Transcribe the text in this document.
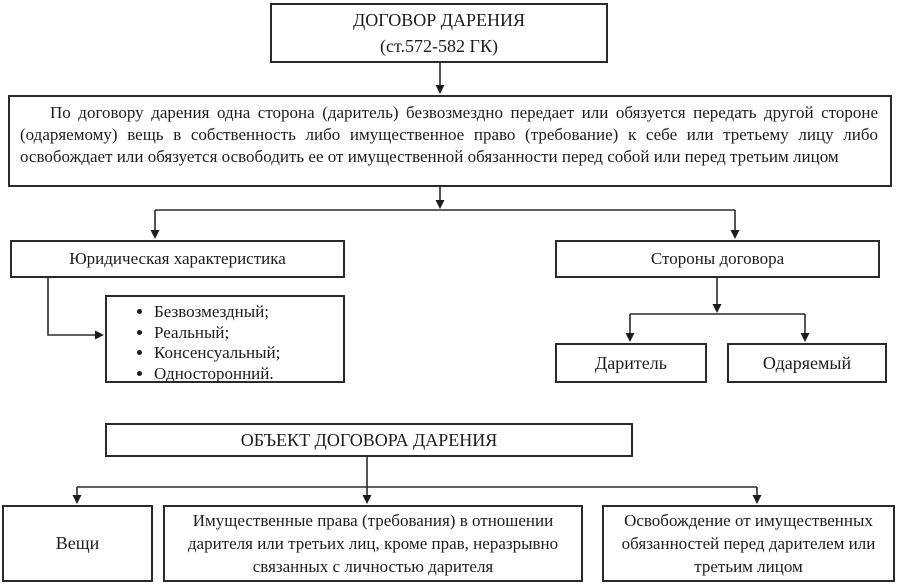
ДОГОВОР ДАРЕНИЯ
(ст.572-582 ГК)

По договору дарения одна сторона (даритель) безвозмездно передает или обязуется передать другой стороне (одаряемому) вещь в собственность либо имущественное право (требование) к себе или третьему лицу либо освобождает или обязуется освободить ее от имущественной обязанности перед собой или перед третьим лицом

Юридическая характеристика	Стороны договора
• Безвозмездный;
• Реальный;
• Консенсуальный;
• Односторонний.
Даритель	Одаряемый
ОБЪЕКТ ДОГОВОРА ДАРЕНИЯ
Вещи
Имущественные права (требования) в отношении дарителя или третьих лиц, кроме прав, неразрывно связанных с личностью дарителя
Освобождение от имущественных обязанностей перед дарителем или третьим лицом
